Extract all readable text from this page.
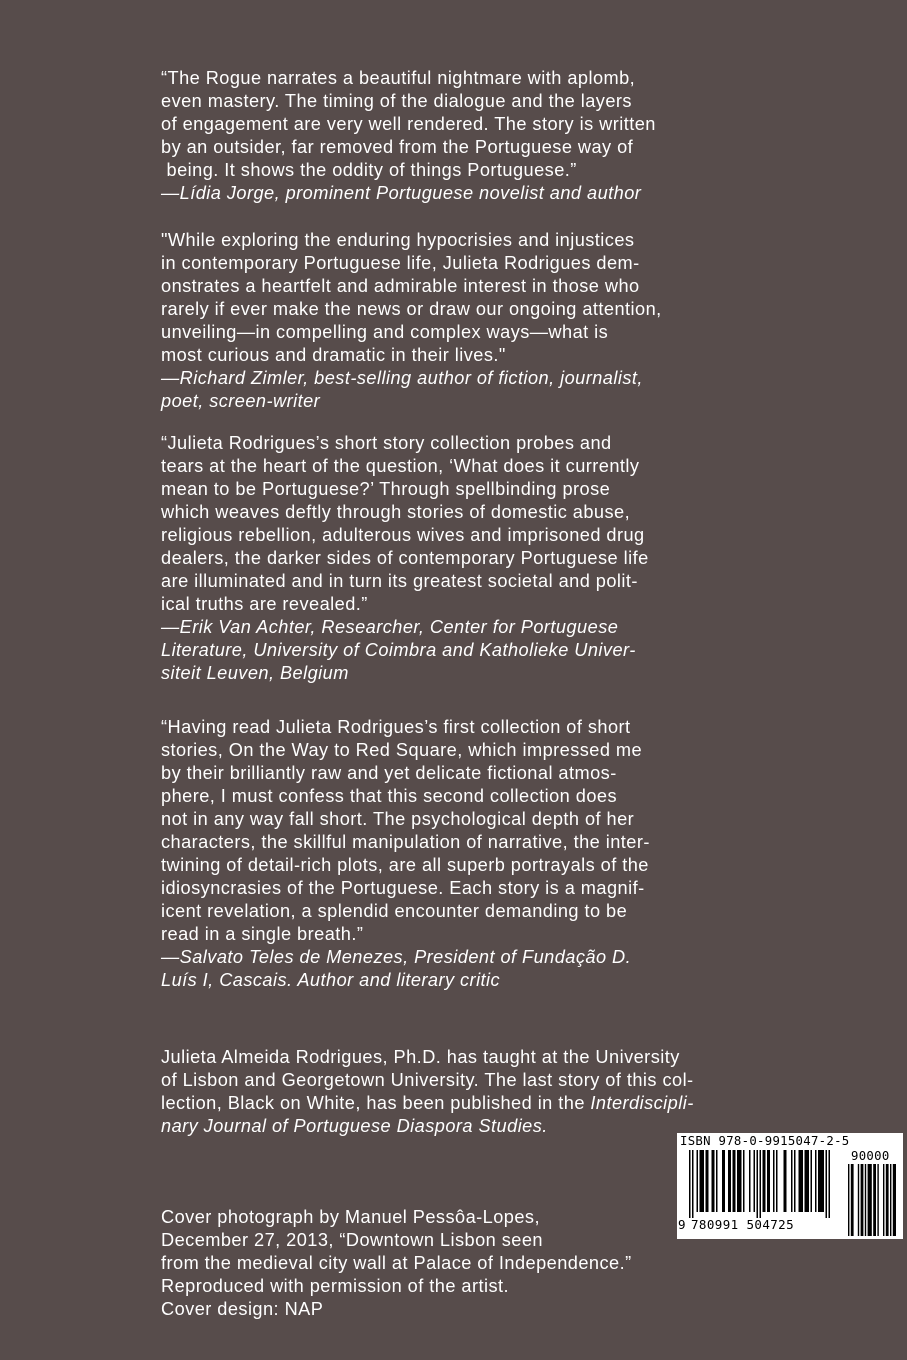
“The Rogue narrates a beautiful nightmare with aplomb,
even mastery. The timing of the dialogue and the layers
of engagement are very well rendered. The story is written
by an outsider, far removed from the Portuguese way of
being. It shows the oddity of things Portuguese.”
—Lídia Jorge, prominent Portuguese novelist and author
"While exploring the enduring hypocrisies and injustices
in contemporary Portuguese life, Julieta Rodrigues dem-
onstrates a heartfelt and admirable interest in those who
rarely if ever make the news or draw our ongoing attention,
unveiling—in compelling and complex ways—what is
most curious and dramatic in their lives."
—Richard Zimler, best-selling author of fiction, journalist,
poet, screen-writer
“Julieta Rodrigues’s short story collection probes and
tears at the heart of the question, ‘What does it currently
mean to be Portuguese?’ Through spellbinding prose
which weaves deftly through stories of domestic abuse,
religious rebellion, adulterous wives and imprisoned drug
dealers, the darker sides of contemporary Portuguese life
are illuminated and in turn its greatest societal and polit-
ical truths are revealed.”
—Erik Van Achter, Researcher, Center for Portuguese
Literature, University of Coimbra and Katholieke Univer-
siteit Leuven, Belgium
“Having read Julieta Rodrigues’s first collection of short
stories, On the Way to Red Square, which impressed me
by their brilliantly raw and yet delicate fictional atmos-
phere, I must confess that this second collection does
not in any way fall short. The psychological depth of her
characters, the skillful manipulation of narrative, the inter-
twining of detail-rich plots, are all superb portrayals of the
idiosyncrasies of the Portuguese. Each story is a magnif-
icent revelation, a splendid encounter demanding to be
read in a single breath.”
—Salvato Teles de Menezes, President of Fundação D.
Luís I, Cascais. Author and literary critic
Julieta Almeida Rodrigues, Ph.D. has taught at the University
of Lisbon and Georgetown University. The last story of this col-
lection, Black on White, has been published in the Interdiscipli-
nary Journal of Portuguese Diaspora Studies.
Cover photograph by Manuel Pessôa-Lopes,
December 27, 2013, “Downtown Lisbon seen
from the medieval city wall at Palace of Independence.”
Reproduced with permission of the artist.
Cover design: NAP
ISBN 978-0-9915047-2-5
90000
9 780991 504725
